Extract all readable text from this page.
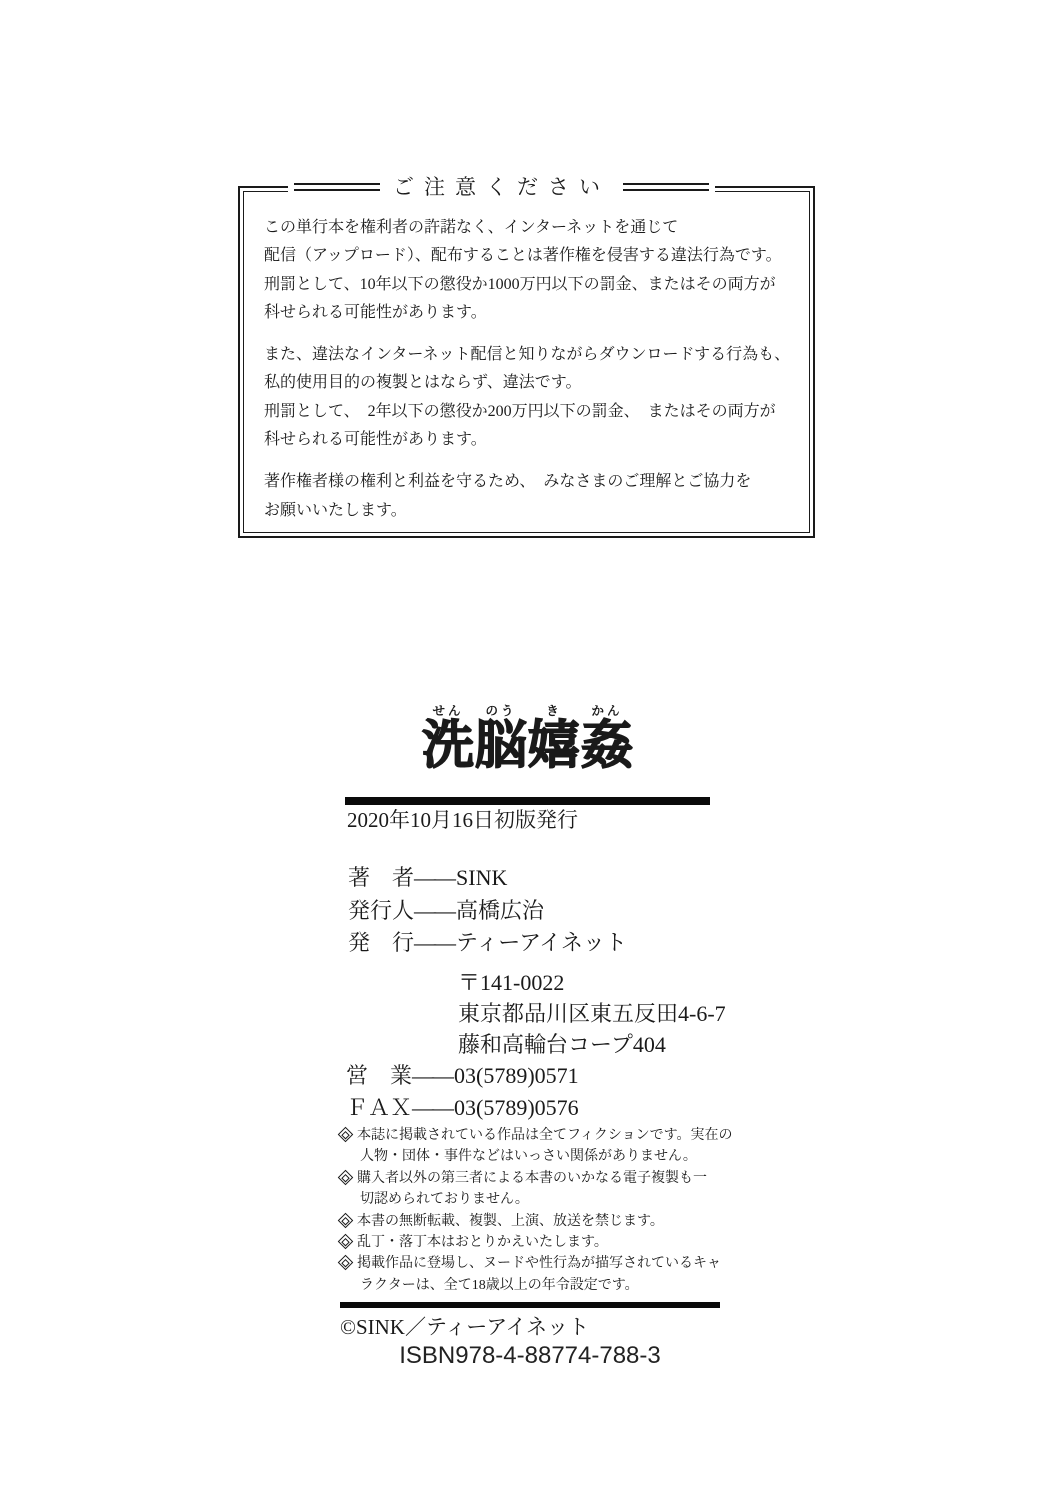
ご注意ください

この単行本を権利者の許諾なく、インターネットを通じて
配信（アップロード）、配布することは著作権を侵害する違法行為です。
刑罰として、10年以下の懲役か1000万円以下の罰金、またはその両方が
科せられる可能性があります。

また、違法なインターネット配信と知りながらダウンロードする行為も、
私的使用目的の複製とはならず、違法です。
刑罰として、　2年以下の懲役か200万円以下の罰金、　またはその両方が
科せられる可能性があります。

著作権者様の権利と利益を守るため、　みなさまのご理解とご協力を
お願いいたします。

せん
洗
のう
脳
き
嬉
かん
姦
2020年10月16日初版発行
著　者——SINK
発行人——高橋広治
発　行——ティーアイネット
〒141-0022
東京都品川区東五反田4-6-7
藤和高輪台コープ404
営　業——03(5789)0571
ＦＡＸ——03(5789)0576
本誌に掲載されている作品は全てフィクションです。実在の
人物・団体・事件などはいっさい関係がありません。
購入者以外の第三者による本書のいかなる電子複製も一
切認められておりません。
本書の無断転載、複製、上演、放送を禁じます。
乱丁・落丁本はおとりかえいたします。
掲載作品に登場し、ヌードや性行為が描写されているキャ
ラクターは、全て18歳以上の年令設定です。
©SINK／ティーアイネット
ISBN978-4-88774-788-3
